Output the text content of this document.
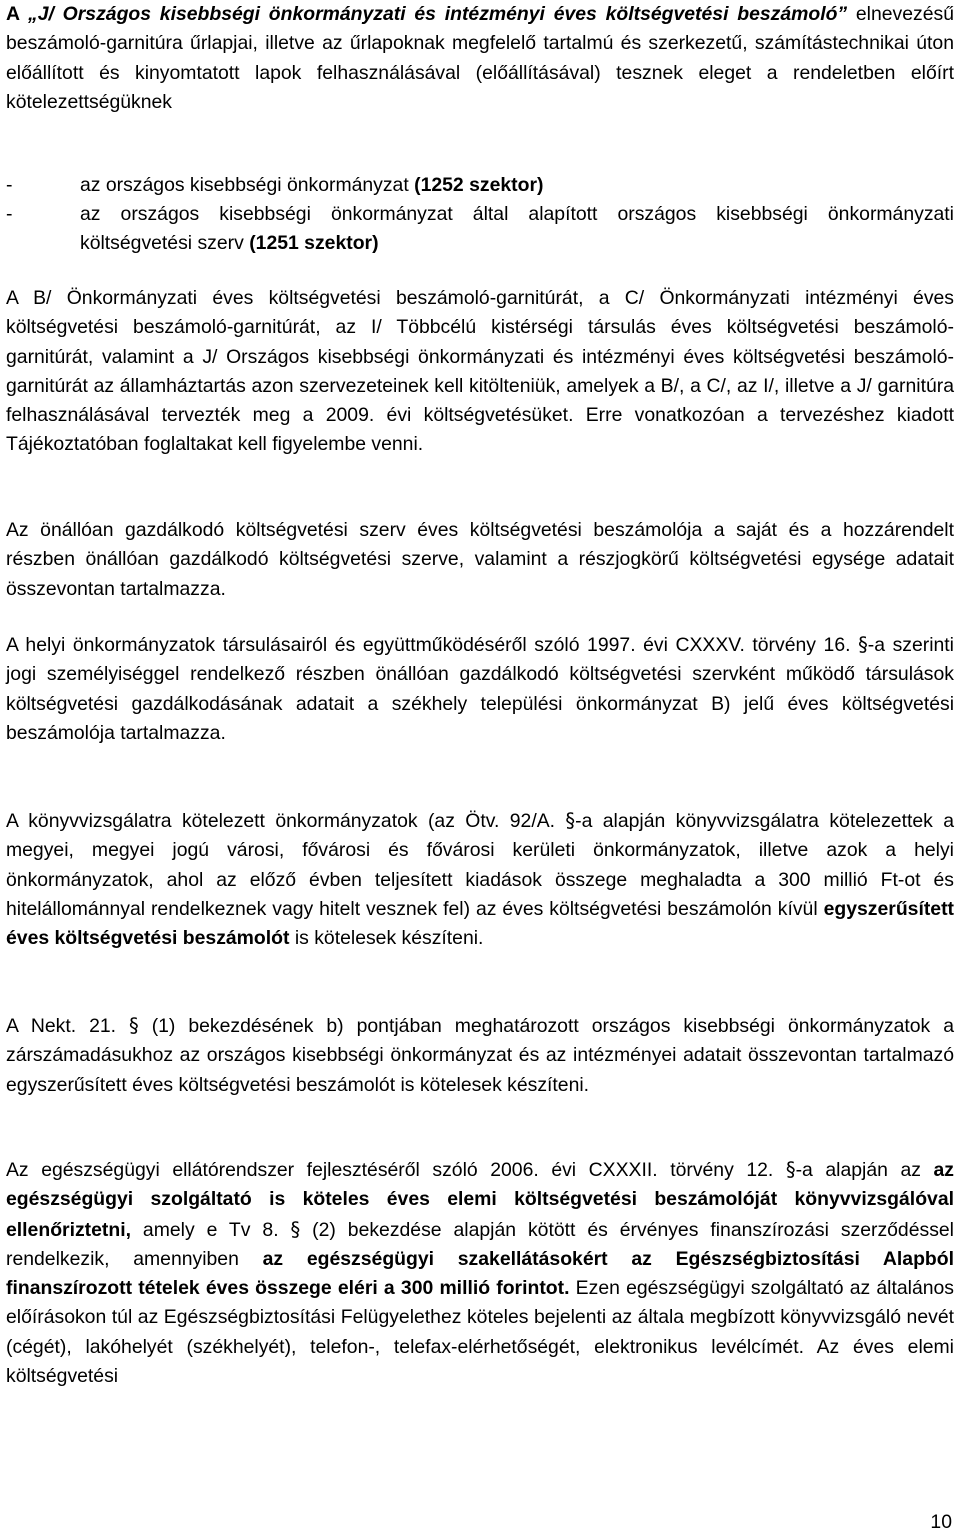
A „J/ Országos kisebbségi önkormányzati és intézményi éves költségvetési beszámoló” elnevezésű beszámoló-garnitúra űrlapjai, illetve az űrlapoknak megfelelő tartalmú és szerkezetű, számítástechnikai úton előállított és kinyomtatott lapok felhasználásával (előállításával) tesznek eleget a rendeletben előírt kötelezettségüknek

-	az országos kisebbségi önkormányzat (1252 szektor)
-	az országos kisebbségi önkormányzat által alapított országos kisebbségi önkormányzati költségvetési szerv (1251 szektor)

A B/ Önkormányzati éves költségvetési beszámoló-garnitúrát, a C/ Önkormányzati intézményi éves költségvetési beszámoló-garnitúrát, az I/ Többcélú kistérségi társulás éves költségvetési beszámoló-garnitúrát, valamint a J/ Országos kisebbségi önkormányzati és intézményi éves költségvetési beszámoló-garnitúrát az államháztartás azon szervezeteinek kell kitölteniük, amelyek a B/, a C/, az I/, illetve a J/ garnitúra felhasználásával tervezték meg a 2009. évi költségvetésüket. Erre vonatkozóan a tervezéshez kiadott Tájékoztatóban foglaltakat kell figyelembe venni.

Az önállóan gazdálkodó költségvetési szerv éves költségvetési beszámolója a saját és a hozzárendelt részben önállóan gazdálkodó költségvetési szerve, valamint a részjogkörű költségvetési egysége adatait összevontan tartalmazza.

A helyi önkormányzatok társulásairól és együttműködéséről szóló 1997. évi CXXXV. törvény 16. §-a szerinti jogi személyiséggel rendelkező részben önállóan gazdálkodó költségvetési szervként működő társulások költségvetési gazdálkodásának adatait a székhely települési önkormányzat B) jelű éves költségvetési beszámolója tartalmazza.

A könyvvizsgálatra kötelezett önkormányzatok (az Ötv. 92/A. §-a alapján könyvvizsgálatra kötelezettek a megyei, megyei jogú városi, fővárosi és fővárosi kerületi önkormányzatok, illetve azok a helyi önkormányzatok, ahol az előző évben teljesített kiadások összege meghaladta a 300 millió Ft-ot és hitelállománnyal rendelkeznek vagy hitelt vesznek fel) az éves költségvetési beszámolón kívül egyszerűsített éves költségvetési beszámolót is kötelesek készíteni.

A Nekt. 21. § (1) bekezdésének b) pontjában meghatározott országos kisebbségi önkormányzatok a zárszámadásukhoz az országos kisebbségi önkormányzat és az intézményei adatait összevontan tartalmazó egyszerűsített éves költségvetési beszámolót is kötelesek készíteni.

Az egészségügyi ellátórendszer fejlesztéséről szóló 2006. évi CXXXII. törvény 12. §-a alapján az az egészségügyi szolgáltató is köteles éves elemi költségvetési beszámolóját könyvvizsgálóval ellenőriztetni, amely e Tv 8. § (2) bekezdése alapján kötött és érvényes finanszírozási szerződéssel rendelkezik, amennyiben az egészségügyi szakellátásokért az Egészségbiztosítási Alapból finanszírozott tételek éves összege eléri a 300 millió forintot. Ezen egészségügyi szolgáltató az általános előírásokon túl az Egészségbiztosítási Felügyelethez köteles bejelenti az általa megbízott könyvvizsgáló nevét (cégét), lakóhelyét (székhelyét), telefon-, telefax-elérhetőségét, elektronikus levélcímét. Az éves elemi költségvetési

10
